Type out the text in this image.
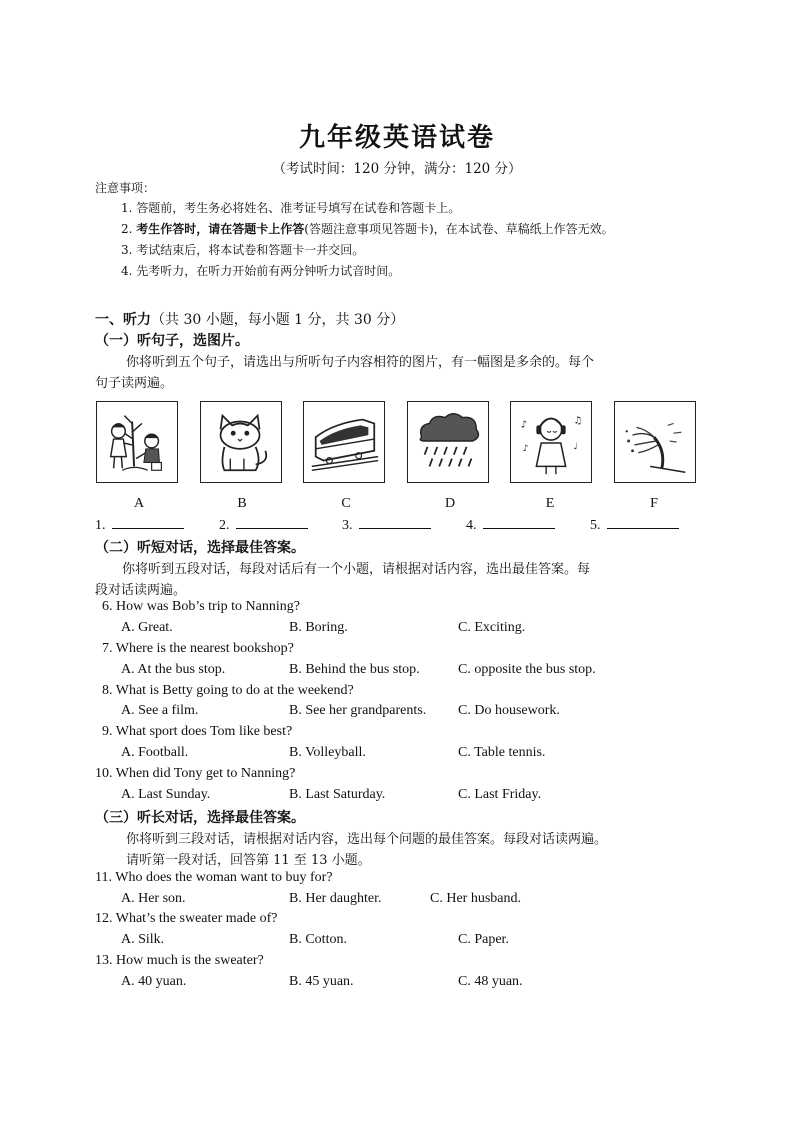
九年级英语试卷
（考试时间：120 分钟，满分：120 分）
注意事项：
1. 答题前，考生务必将姓名、准考证号填写在试卷和答题卡上。
2. 考生作答时，请在答题卡上作答(答题注意事项见答题卡)，在本试卷、草稿纸上作答无效。
3. 考试结束后，将本试卷和答题卡一并交回。
4. 先考听力，在听力开始前有两分钟听力试音时间。
一、听力（共 30 小题，每小题 1 分，共 30 分）
（一）听句子，选图片。
你将听到五个句子，请选出与所听句子内容相符的图片，有一幅图是多余的。每个
句子读两遍。
♪	♫
♪	♩
A	B	C	D	E	F
1.	2.	3.	4.	5.
（二）听短对话，选择最佳答案。
你将听到五段对话，每段对话后有一个小题，请根据对话内容，选出最佳答案。每
段对话读两遍。
6. How was Bob’s trip to Nanning?
A. Great.	B. Boring.	C. Exciting.
7. Where is the nearest bookshop?
A. At the bus stop.	B. Behind the bus stop.	C. opposite the bus stop.
8. What is Betty going to do at the weekend?
A. See a film.	B. See her grandparents. C. Do housework.
9. What sport does Tom like best?
A. Football.	B. Volleyball.	C. Table tennis.
10. When did Tony get to Nanning?
A. Last Sunday.	B. Last Saturday.	C. Last Friday.
（三）听长对话，选择最佳答案。
你将听到三段对话，请根据对话内容，选出每个问题的最佳答案。每段对话读两遍。
请听第一段对话，回答第 11 至 13 小题。
11. Who does the woman want to buy for?
A. Her son.	B. Her daughter.	C. Her husband.
12. What’s the sweater made of?
A. Silk.	B. Cotton.	C. Paper.
13. How much is the sweater?
A. 40 yuan.	B. 45 yuan.	C. 48 yuan.
